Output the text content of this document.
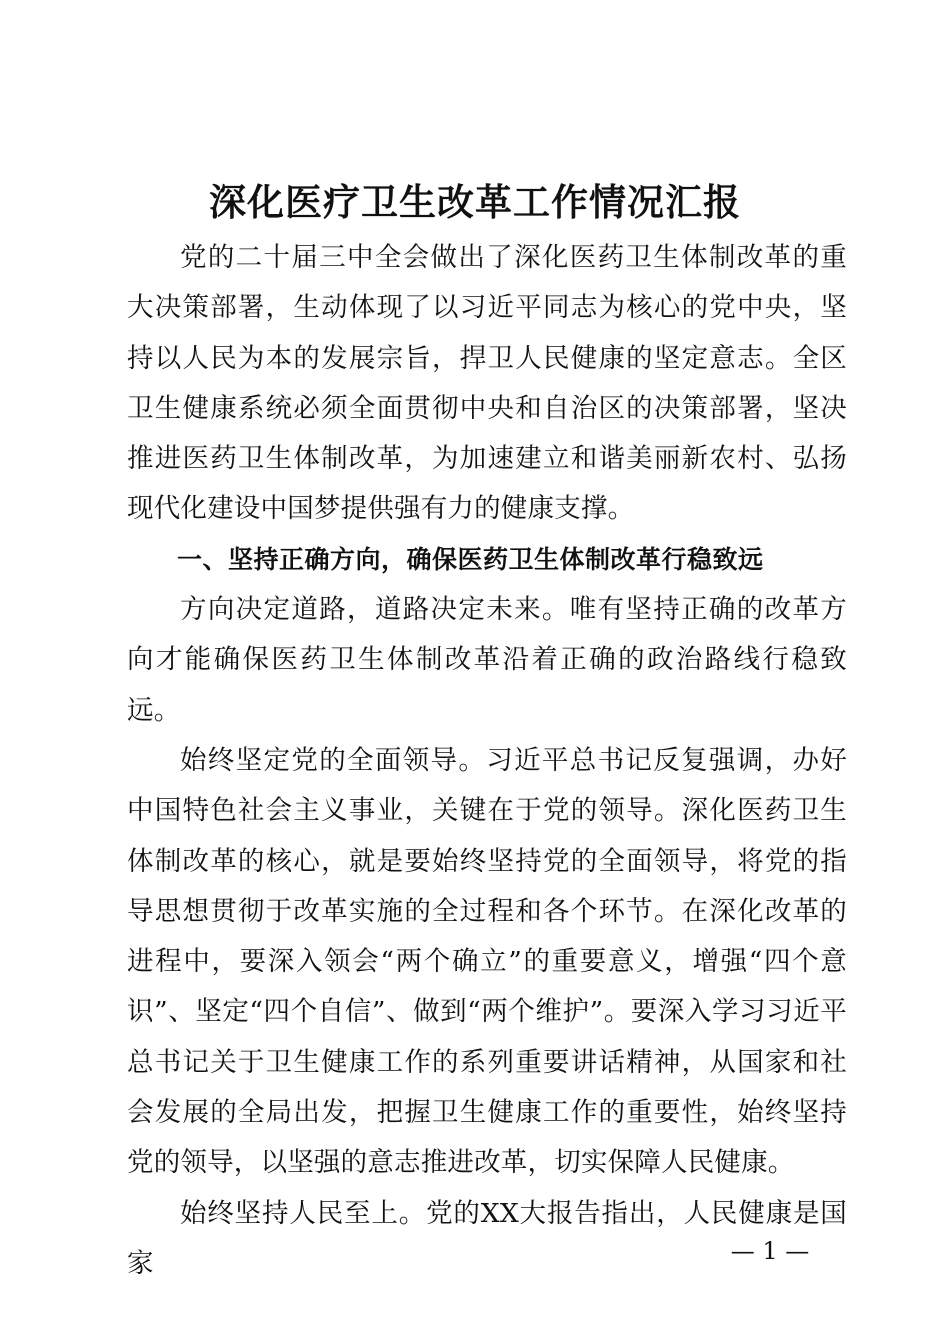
深化医疗卫生改革工作情况汇报

党的二十届三中全会做出了深化医药卫生体制改革的重大决策部署，生动体现了以习近平同志为核心的党中央，坚持以人民为本的发展宗旨，捍卫人民健康的坚定意志。全区卫生健康系统必须全面贯彻中央和自治区的决策部署，坚决推进医药卫生体制改革，为加速建立和谐美丽新农村、弘扬现代化建设中国梦提供强有力的健康支撑。

一、坚持正确方向，确保医药卫生体制改革行稳致远

方向决定道路，道路决定未来。唯有坚持正确的改革方向才能确保医药卫生体制改革沿着正确的政治路线行稳致远。

始终坚定党的全面领导。习近平总书记反复强调，办好中国特色社会主义事业，关键在于党的领导。深化医药卫生体制改革的核心，就是要始终坚持党的全面领导，将党的指导思想贯彻于改革实施的全过程和各个环节。在深化改革的进程中，要深入领会“两个确立”的重要意义，增强“四个意识”、坚定“四个自信”、做到“两个维护”。要深入学习习近平总书记关于卫生健康工作的系列重要讲话精神，从国家和社会发展的全局出发，把握卫生健康工作的重要性，始终坚持党的领导，以坚强的意志推进改革，切实保障人民健康。

始终坚持人民至上。党的XX大报告指出，人民健康是国家	— 1 —
